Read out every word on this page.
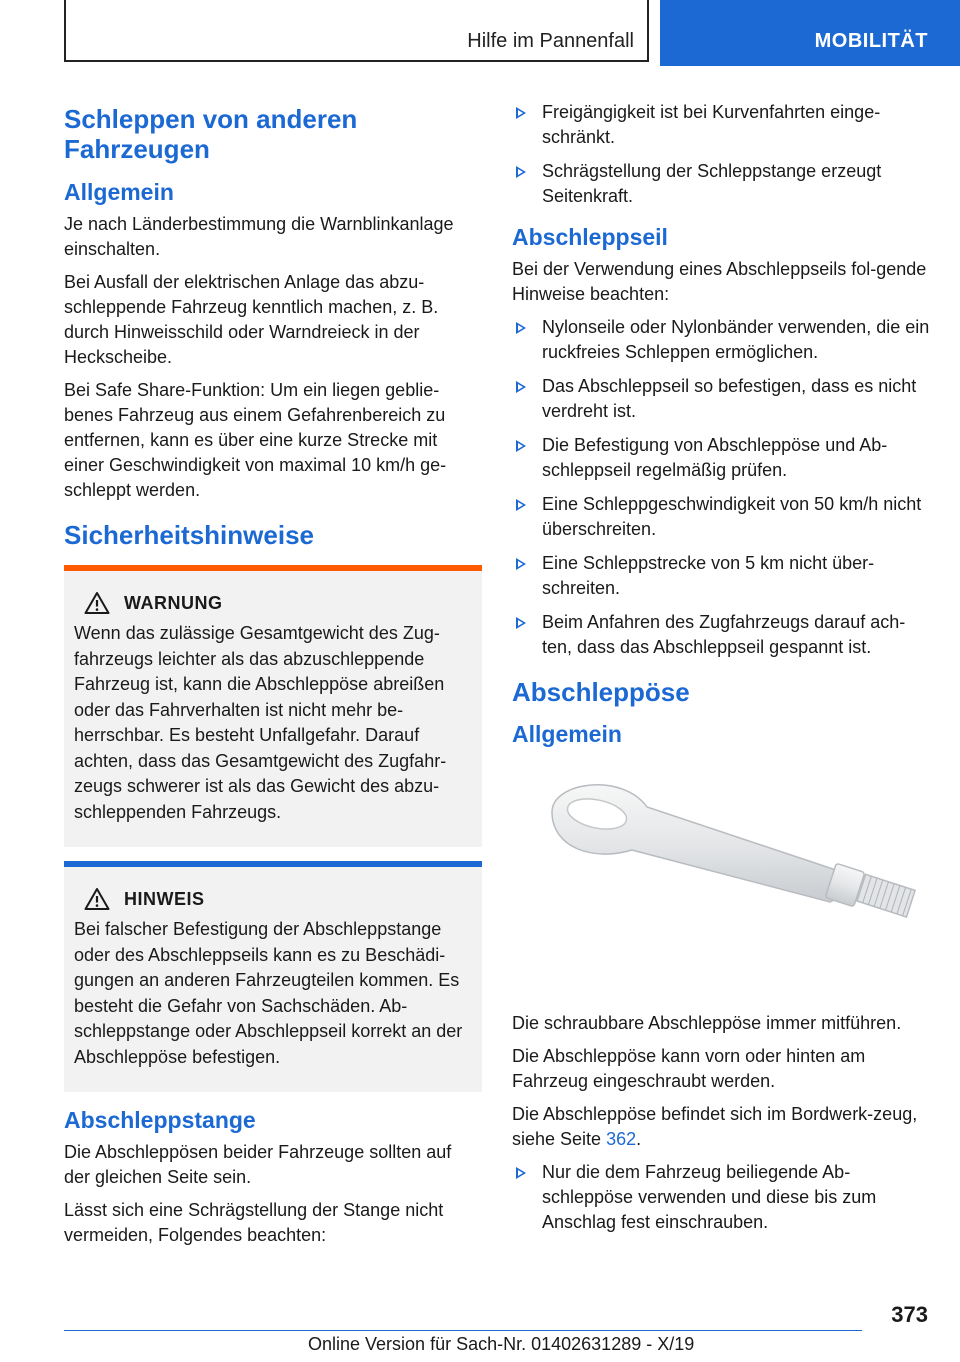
Hilfe im Pannenfall	MOBILITÄT
Schleppen von anderen Fahrzeugen
Allgemein

Je nach Länderbestimmung die Warnblinkanlage einschalten.

Bei Ausfall der elektrischen Anlage das abzu‐schleppende Fahrzeug kenntlich machen, z. B. durch Hinweisschild oder Warndreieck in der Heckscheibe.

Bei Safe Share-Funktion: Um ein liegen geblie‐benes Fahrzeug aus einem Gefahrenbereich zu entfernen, kann es über eine kurze Strecke mit einer Geschwindigkeit von maximal 10 km/h ge‐schleppt werden.

Sicherheitshinweise
WARNUNG

Wenn das zulässige Gesamtgewicht des Zug‐fahrzeugs leichter als das abzuschleppende Fahrzeug ist, kann die Abschleppöse abreißen oder das Fahrverhalten ist nicht mehr be‐herrschbar. Es besteht Unfallgefahr. Darauf achten, dass das Gesamtgewicht des Zugfahr‐zeugs schwerer ist als das Gewicht des abzu‐schleppenden Fahrzeugs.

HINWEIS

Bei falscher Befestigung der Abschleppstange oder des Abschleppseils kann es zu Beschädi‐gungen an anderen Fahrzeugteilen kommen. Es besteht die Gefahr von Sachschäden. Ab‐schleppstange oder Abschleppseil korrekt an der Abschleppöse befestigen.

Abschleppstange

Die Abschleppösen beider Fahrzeuge sollten auf der gleichen Seite sein.

Lässt sich eine Schrägstellung der Stange nicht vermeiden, Folgendes beachten:

Freigängigkeit ist bei Kurvenfahrten einge‐schränkt.
Schrägstellung der Schleppstange erzeugt Seitenkraft.
Abschleppseil

Bei der Verwendung eines Abschleppseils fol‐gende Hinweise beachten:

Nylonseile oder Nylonbänder verwenden, die ein ruckfreies Schleppen ermöglichen.
Das Abschleppseil so befestigen, dass es nicht verdreht ist.
Die Befestigung von Abschleppöse und Ab‐schleppseil regelmäßig prüfen.
Eine Schleppgeschwindigkeit von 50 km/h nicht überschreiten.
Eine Schleppstrecke von 5 km nicht über‐schreiten.
Beim Anfahren des Zugfahrzeugs darauf ach‐ten, dass das Abschleppseil gespannt ist.
Abschleppöse
Allgemein

Die schraubbare Abschleppöse immer mitführen.

Die Abschleppöse kann vorn oder hinten am Fahrzeug eingeschraubt werden.

Die Abschleppöse befindet sich im Bordwerk‐zeug, siehe Seite 362.

Nur die dem Fahrzeug beiliegende Ab‐schleppöse verwenden und diese bis zum Anschlag fest einschrauben.
373
Online Version für Sach-Nr. 01402631289 - X/19
